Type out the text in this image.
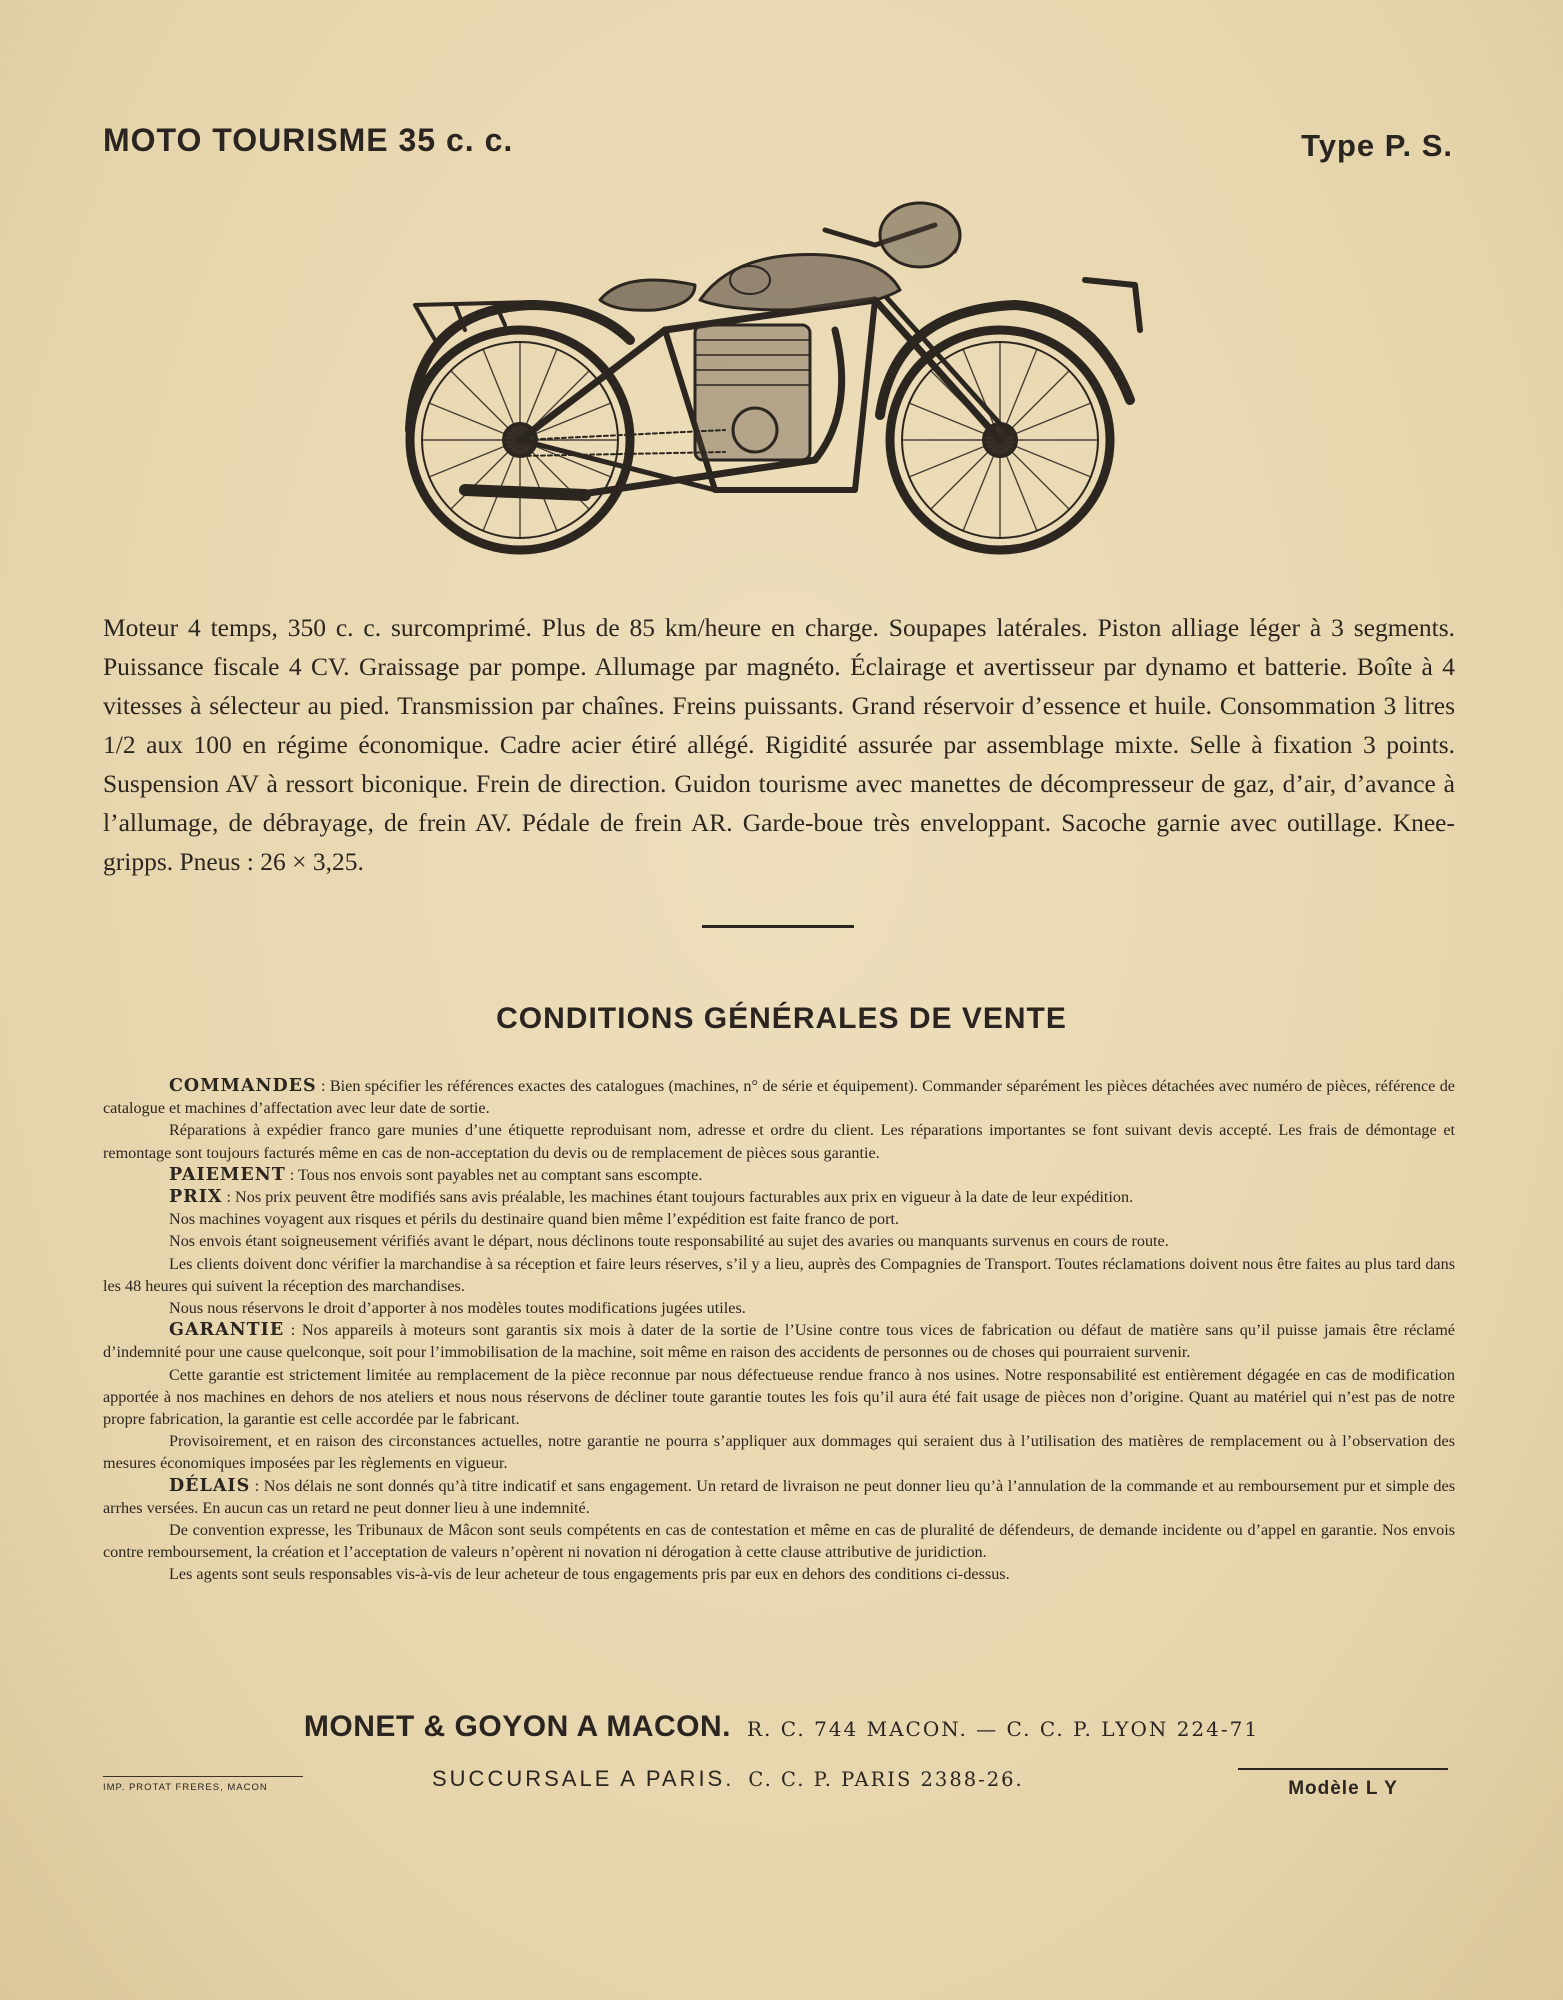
MOTO TOURISME 35 c. c.	Type P. S.
Moteur 4 temps, 350 c. c. surcomprimé. Plus de 85 km/heure en charge. Soupapes latérales. Piston alliage léger à 3 segments. Puissance fiscale 4 CV. Graissage par pompe. Allumage par magnéto. Éclairage et avertisseur par dynamo et batterie. Boîte à 4 vitesses à sélecteur au pied. Transmission par chaînes. Freins puissants. Grand réservoir d’essence et huile. Consommation 3 litres 1/2 aux 100 en régime économique. Cadre acier étiré allégé. Rigidité assurée par assemblage mixte. Selle à fixation 3 points. Suspension AV à ressort biconique. Frein de direction. Guidon tourisme avec manettes de décompresseur de gaz, d’air, d’avance à l’allumage, de débrayage, de frein AV. Pédale de frein AR. Garde-boue très enveloppant. Sacoche garnie avec outillage. Knee-gripps. Pneus : 26 × 3,25.
CONDITIONS GÉNÉRALES DE VENTE

COMMANDES : Bien spécifier les références exactes des catalogues (machines, n° de série et équipement). Commander séparément les pièces détachées avec numéro de pièces, référence de catalogue et machines d’affectation avec leur date de sortie.

Réparations à expédier franco gare munies d’une étiquette reproduisant nom, adresse et ordre du client. Les réparations importantes se font suivant devis accepté. Les frais de démontage et remontage sont toujours facturés même en cas de non-acceptation du devis ou de remplacement de pièces sous garantie.

PAIEMENT : Tous nos envois sont payables net au comptant sans escompte.

PRIX : Nos prix peuvent être modifiés sans avis préalable, les machines étant toujours facturables aux prix en vigueur à la date de leur expédition.

Nos machines voyagent aux risques et périls du destinaire quand bien même l’expédition est faite franco de port.

Nos envois étant soigneusement vérifiés avant le départ, nous déclinons toute responsabilité au sujet des avaries ou manquants survenus en cours de route.

Les clients doivent donc vérifier la marchandise à sa réception et faire leurs réserves, s’il y a lieu, auprès des Compagnies de Transport. Toutes réclamations doivent nous être faites au plus tard dans les 48 heures qui suivent la réception des marchandises.

Nous nous réservons le droit d’apporter à nos modèles toutes modifications jugées utiles.

GARANTIE : Nos appareils à moteurs sont garantis six mois à dater de la sortie de l’Usine contre tous vices de fabrication ou défaut de matière sans qu’il puisse jamais être réclamé d’indemnité pour une cause quelconque, soit pour l’immobilisation de la machine, soit même en raison des accidents de personnes ou de choses qui pourraient survenir.

Cette garantie est strictement limitée au remplacement de la pièce reconnue par nous défectueuse rendue franco à nos usines. Notre responsabilité est entièrement dégagée en cas de modification apportée à nos machines en dehors de nos ateliers et nous nous réservons de décliner toute garantie toutes les fois qu’il aura été fait usage de pièces non d’origine. Quant au matériel qui n’est pas de notre propre fabrication, la garantie est celle accordée par le fabricant.

Provisoirement, et en raison des circonstances actuelles, notre garantie ne pourra s’appliquer aux dommages qui seraient dus à l’utilisation des matières de remplacement ou à l’observation des mesures économiques imposées par les règlements en vigueur.

DÉLAIS : Nos délais ne sont donnés qu’à titre indicatif et sans engagement. Un retard de livraison ne peut donner lieu qu’à l’annulation de la commande et au remboursement pur et simple des arrhes versées. En aucun cas un retard ne peut donner lieu à une indemnité.

De convention expresse, les Tribunaux de Mâcon sont seuls compétents en cas de contestation et même en cas de pluralité de défendeurs, de demande incidente ou d’appel en garantie. Nos envois contre remboursement, la création et l’acceptation de valeurs n’opèrent ni novation ni dérogation à cette clause attributive de juridiction.

Les agents sont seuls responsables vis-à-vis de leur acheteur de tous engagements pris par eux en dehors des conditions ci-dessus.

MONET & GOYON A MACON. R. C. 744 MACON. — C. C. P. LYON 224-71
IMP. PROTAT FRERES, MACON	SUCCURSALE A PARIS. C. C. P. PARIS 2388-26.	Modèle L Y
